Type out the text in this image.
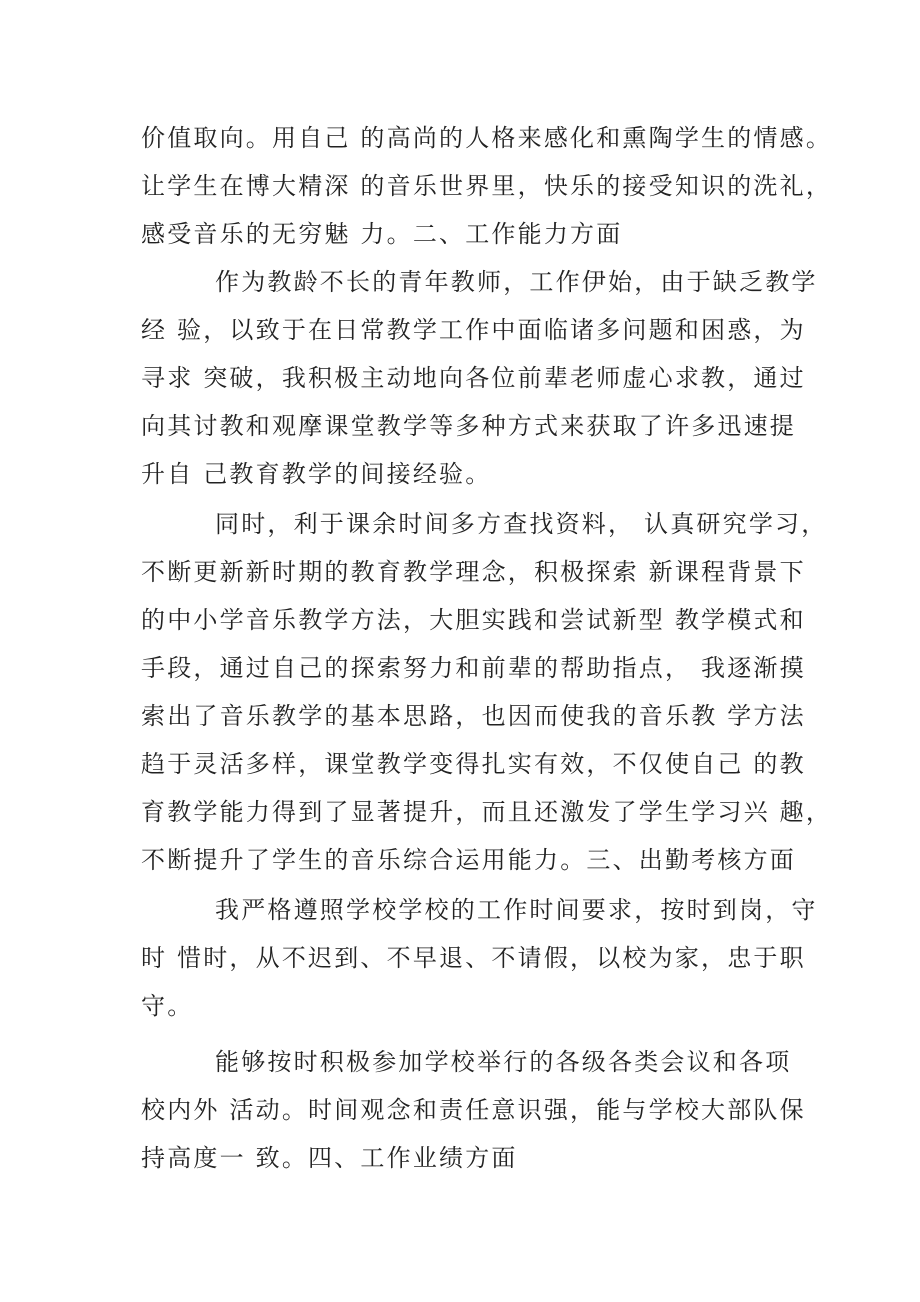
价值取向。用自己 的高尚的人格来感化和熏陶学生的情感。
让学生在博大精深 的音乐世界里，快乐的接受知识的洗礼，
感受音乐的无穷魅 力。二、工作能力方面
作为教龄不长的青年教师，工作伊始，由于缺乏教学
经 验，以致于在日常教学工作中面临诸多问题和困惑，为
寻求 突破，我积极主动地向各位前辈老师虚心求教，通过
向其讨教和观摩课堂教学等多种方式来获取了许多迅速提
升自 己教育教学的间接经验。
同时，利于课余时间多方查找资料， 认真研究学习，
不断更新新时期的教育教学理念，积极探索 新课程背景下
的中小学音乐教学方法，大胆实践和尝试新型 教学模式和
手段，通过自己的探索努力和前辈的帮助指点， 我逐渐摸
索出了音乐教学的基本思路，也因而使我的音乐教 学方法
趋于灵活多样，课堂教学变得扎实有效，不仅使自己 的教
育教学能力得到了显著提升，而且还激发了学生学习兴 趣，
不断提升了学生的音乐综合运用能力。三、出勤考核方面
我严格遵照学校学校的工作时间要求，按时到岗，守
时 惜时，从不迟到、不早退、不请假，以校为家，忠于职
守。
能够按时积极参加学校举行的各级各类会议和各项
校内外 活动。时间观念和责任意识强，能与学校大部队保
持高度一 致。四、工作业绩方面
